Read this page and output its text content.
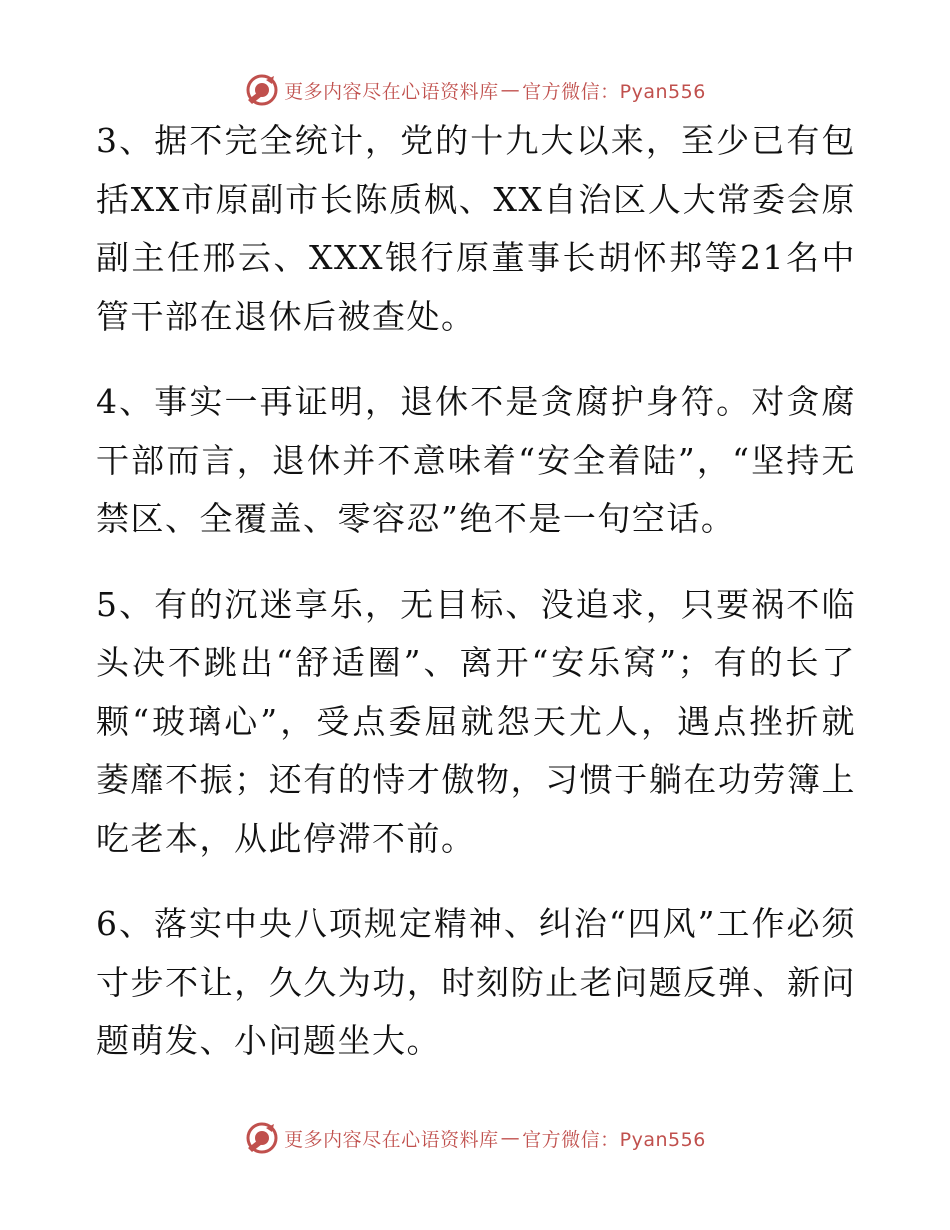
更多内容尽在心语资料库 — 官方微信：Pyan556

3、据不完全统计，党的十九大以来，至少已有包括XX市原副市长陈质枫、XX自治区人大常委会原副主任邢云、XXX银行原董事长胡怀邦等21名中管干部在退休后被查处。

4、事实一再证明，退休不是贪腐护身符。对贪腐干部而言，退休并不意味着“安全着陆”，“坚持无禁区、全覆盖、零容忍”绝不是一句空话。

5、有的沉迷享乐，无目标、没追求，只要祸不临头决不跳出“舒适圈”、离开“安乐窝”；有的长了颗“玻璃心”，受点委屈就怨天尤人，遇点挫折就萎靡不振；还有的恃才傲物，习惯于躺在功劳簿上吃老本，从此停滞不前。

6、落实中央八项规定精神、纠治“四风”工作必须寸步不让，久久为功，时刻防止老问题反弹、新问题萌发、小问题坐大。

更多内容尽在心语资料库 — 官方微信：Pyan556
